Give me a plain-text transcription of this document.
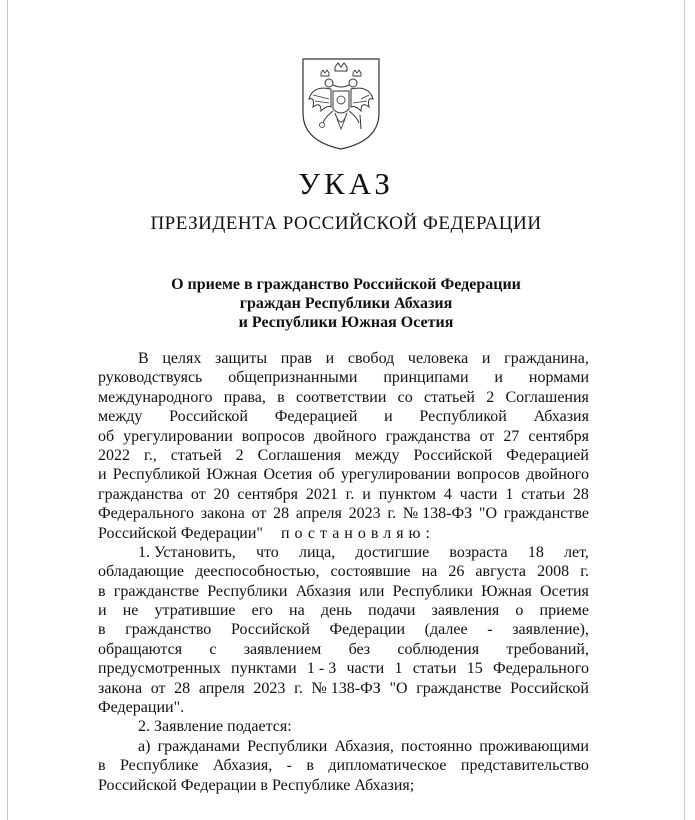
УКАЗ
ПРЕЗИДЕНТА РОССИЙСКОЙ ФЕДЕРАЦИИ
О приеме в гражданство Российской Федерации
граждан Республики Абхазия
и Республики Южная Осетия
В целях защиты прав и свобод человека и гражданина,
руководствуясь общепризнанными принципами и нормами
международного права, в соответствии со статьей 2 Соглашения
между Российской Федерацией и Республикой Абхазия
об урегулировании вопросов двойного гражданства от 27 сентября
2022 г., статьей 2 Соглашения между Российской Федерацией
и Республикой Южная Осетия об урегулировании вопросов двойного
гражданства от 20 сентября 2021 г. и пунктом 4 части 1 статьи 28
Федерального закона от 28 апреля 2023 г. № 138-ФЗ "О гражданстве
Российской Федерации" постановляю:
1. Установить, что лица, достигшие возраста 18 лет,
обладающие дееспособностью, состоявшие на 26 августа 2008 г.
в гражданстве Республики Абхазия или Республики Южная Осетия
и не утратившие его на день подачи заявления о приеме
в гражданство Российской Федерации (далее - заявление),
обращаются с заявлением без соблюдения требований,
предусмотренных пунктами 1 - 3 части 1 статьи 15 Федерального
закона от 28 апреля 2023 г. № 138-ФЗ "О гражданстве Российской
Федерации".
2. Заявление подается:
а) гражданами Республики Абхазия, постоянно проживающими
в Республике Абхазия, - в дипломатическое представительство
Российской Федерации в Республике Абхазия;
